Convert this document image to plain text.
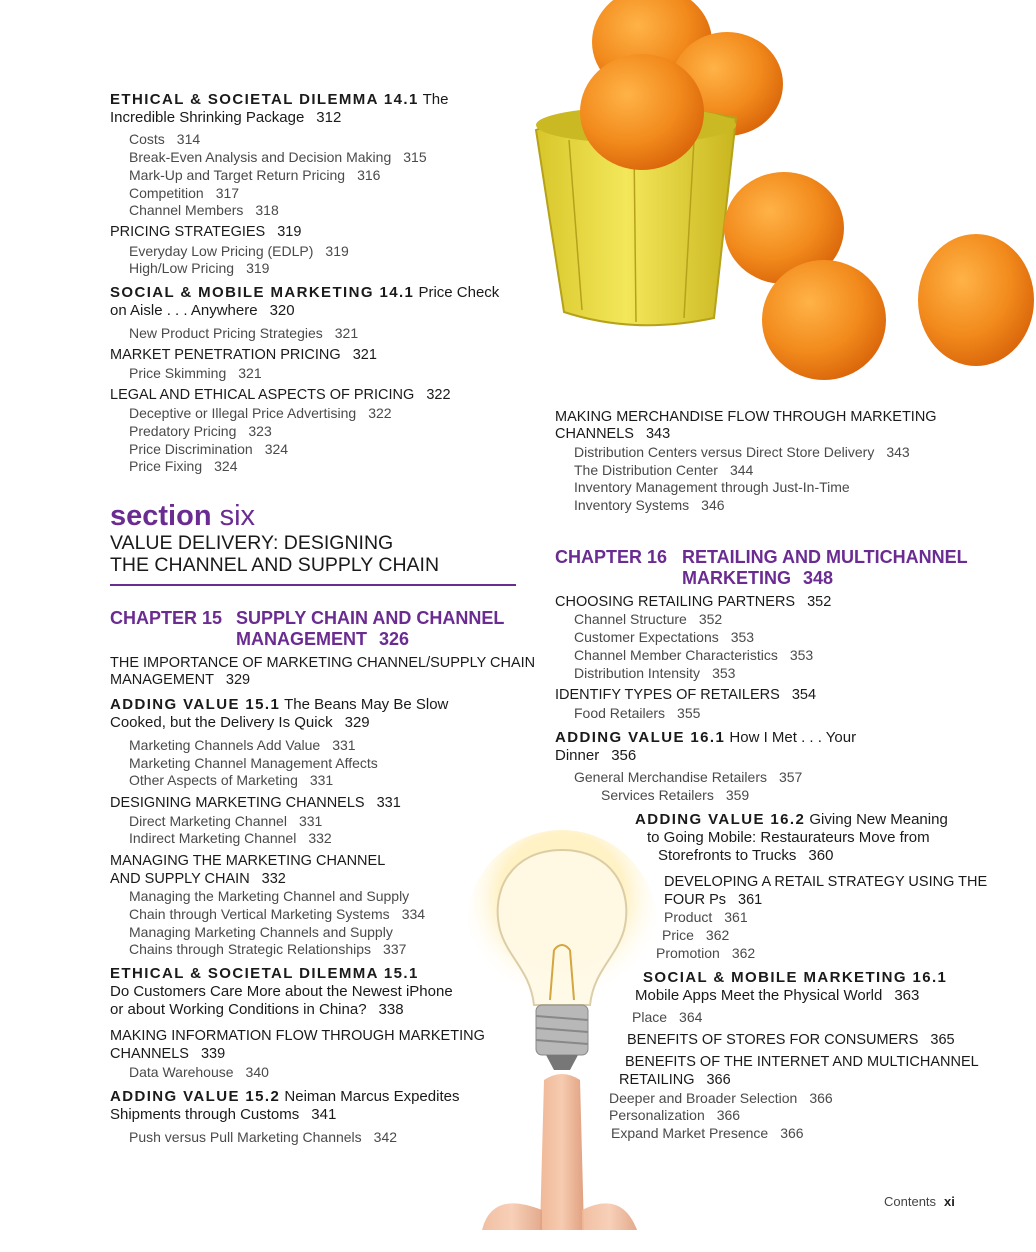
ETHICAL & SOCIETAL DILEMMA 14.1 The
Incredible Shrinking Package 312
Costs 314
Break-Even Analysis and Decision Making 315
Mark-Up and Target Return Pricing 316
Competition 317
Channel Members 318
PRICING STRATEGIES 319
Everyday Low Pricing (EDLP) 319
High/Low Pricing 319
SOCIAL & MOBILE MARKETING 14.1 Price Check
on Aisle . . . Anywhere 320
New Product Pricing Strategies 321
MARKET PENETRATION PRICING 321
Price Skimming 321
LEGAL AND ETHICAL ASPECTS OF PRICING 322
Deceptive or Illegal Price Advertising 322
Predatory Pricing 323
Price Discrimination 324
Price Fixing 324
THE IMPORTANCE OF MARKETING CHANNEL/SUPPLY CHAIN
MANAGEMENT 329
ADDING VALUE 15.1 The Beans May Be Slow
Cooked, but the Delivery Is Quick 329
Marketing Channels Add Value 331
Marketing Channel Management Affects
Other Aspects of Marketing 331
DESIGNING MARKETING CHANNELS 331
Direct Marketing Channel 331
Indirect Marketing Channel 332
MANAGING THE MARKETING CHANNEL
AND SUPPLY CHAIN 332
Managing the Marketing Channel and Supply
Chain through Vertical Marketing Systems 334
Managing Marketing Channels and Supply
Chains through Strategic Relationships 337
ETHICAL & SOCIETAL DILEMMA 15.1
Do Customers Care More about the Newest iPhone
or about Working Conditions in China? 338
MAKING INFORMATION FLOW THROUGH MARKETING
CHANNELS 339
Data Warehouse 340
ADDING VALUE 15.2 Neiman Marcus Expedites
Shipments through Customs 341
Push versus Pull Marketing Channels 342
section six
VALUE DELIVERY: DESIGNING
THE CHANNEL AND SUPPLY CHAIN
CHAPTER 15 SUPPLY CHAIN AND CHANNEL
MANAGEMENT 326
CHAPTER 16 RETAILING AND MULTICHANNEL
MARKETING 348
MAKING MERCHANDISE FLOW THROUGH MARKETING
CHANNELS 343
Distribution Centers versus Direct Store Delivery 343
The Distribution Center 344
Inventory Management through Just-In-Time
Inventory Systems 346
CHOOSING RETAILING PARTNERS 352
Channel Structure 352
Customer Expectations 353
Channel Member Characteristics 353
Distribution Intensity 353
IDENTIFY TYPES OF RETAILERS 354
Food Retailers 355
ADDING VALUE 16.1 How I Met . . . Your
Dinner 356
General Merchandise Retailers 357
Services Retailers 359
ADDING VALUE 16.2 Giving New Meaning
to Going Mobile: Restaurateurs Move from
Storefronts to Trucks 360
DEVELOPING A RETAIL STRATEGY USING THE
FOUR Ps 361
Product 361
Price 362
Promotion 362
SOCIAL & MOBILE MARKETING 16.1
Mobile Apps Meet the Physical World 363
Place 364
BENEFITS OF STORES FOR CONSUMERS 365
BENEFITS OF THE INTERNET AND MULTICHANNEL
RETAILING 366
Deeper and Broader Selection 366
Personalization 366
Expand Market Presence 366
Contents xi
